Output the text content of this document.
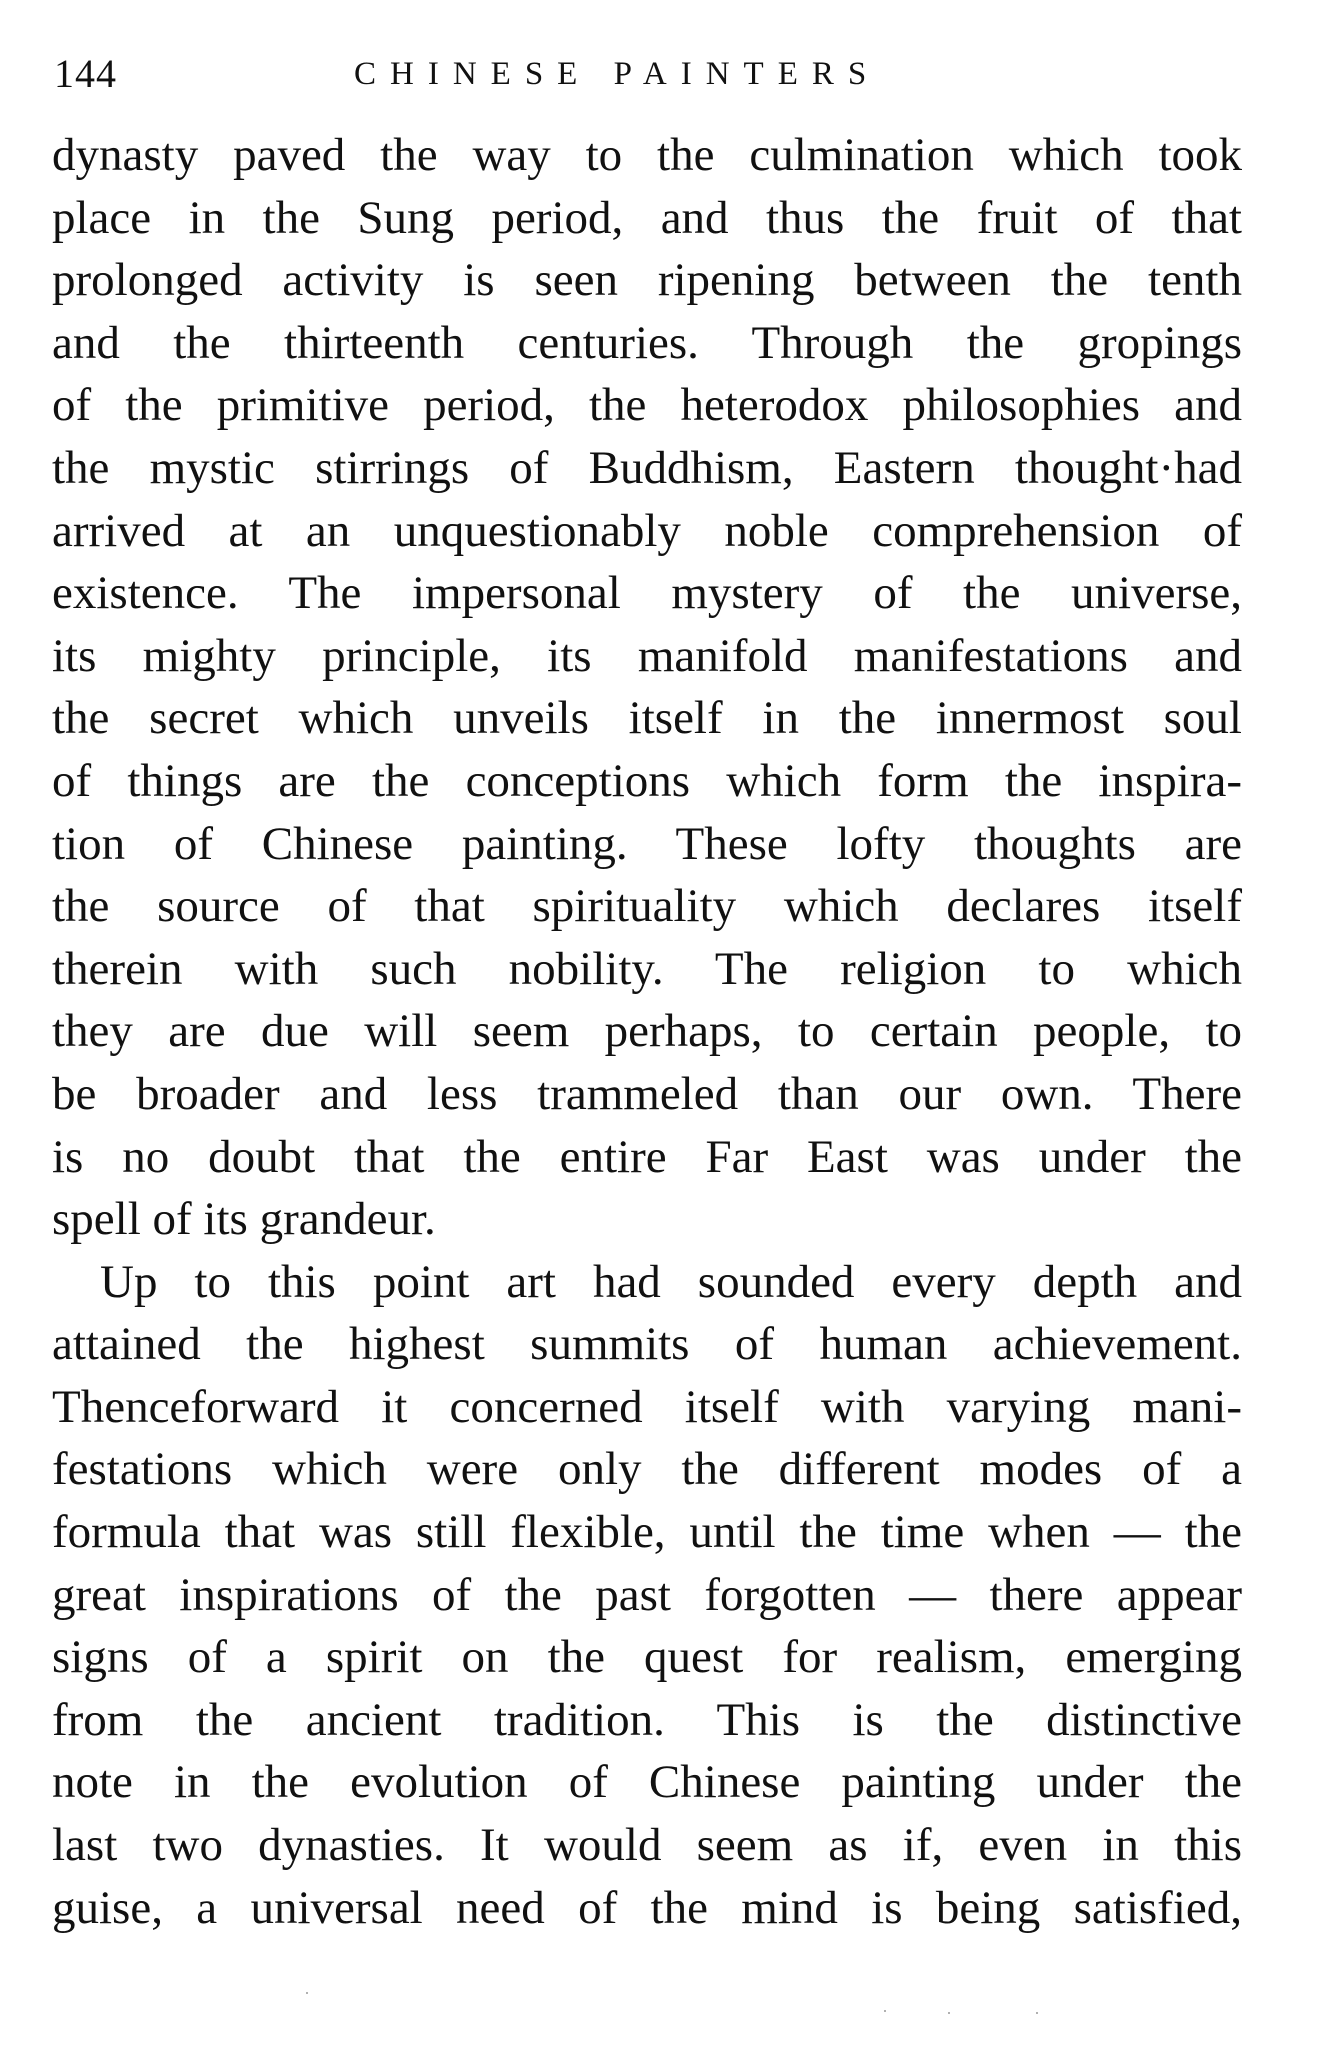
144	CHINESE PAINTERS
dynasty paved the way to the culmination which took
place in the Sung period, and thus the fruit of that
prolonged activity is seen ripening between the tenth
and the thirteenth centuries. Through the gropings
of the primitive period, the heterodox philosophies and
the mystic stirrings of Buddhism, Eastern thought·had
arrived at an unquestionably noble comprehension of
existence. The impersonal mystery of the universe,
its mighty principle, its manifold manifestations and
the secret which unveils itself in the innermost soul
of things are the conceptions which form the inspira-
tion of Chinese painting. These lofty thoughts are
the source of that spirituality which declares itself
therein with such nobility. The religion to which
they are due will seem perhaps, to certain people, to
be broader and less trammeled than our own. There
is no doubt that the entire Far East was under the
spell of its grandeur.
Up to this point art had sounded every depth and
attained the highest summits of human achievement.
Thenceforward it concerned itself with varying mani-
festations which were only the different modes of a
formula that was still flexible, until the time when — the
great inspirations of the past forgotten — there appear
signs of a spirit on the quest for realism, emerging
from the ancient tradition. This is the distinctive
note in the evolution of Chinese painting under the
last two dynasties. It would seem as if, even in this
guise, a universal need of the mind is being satisfied,
